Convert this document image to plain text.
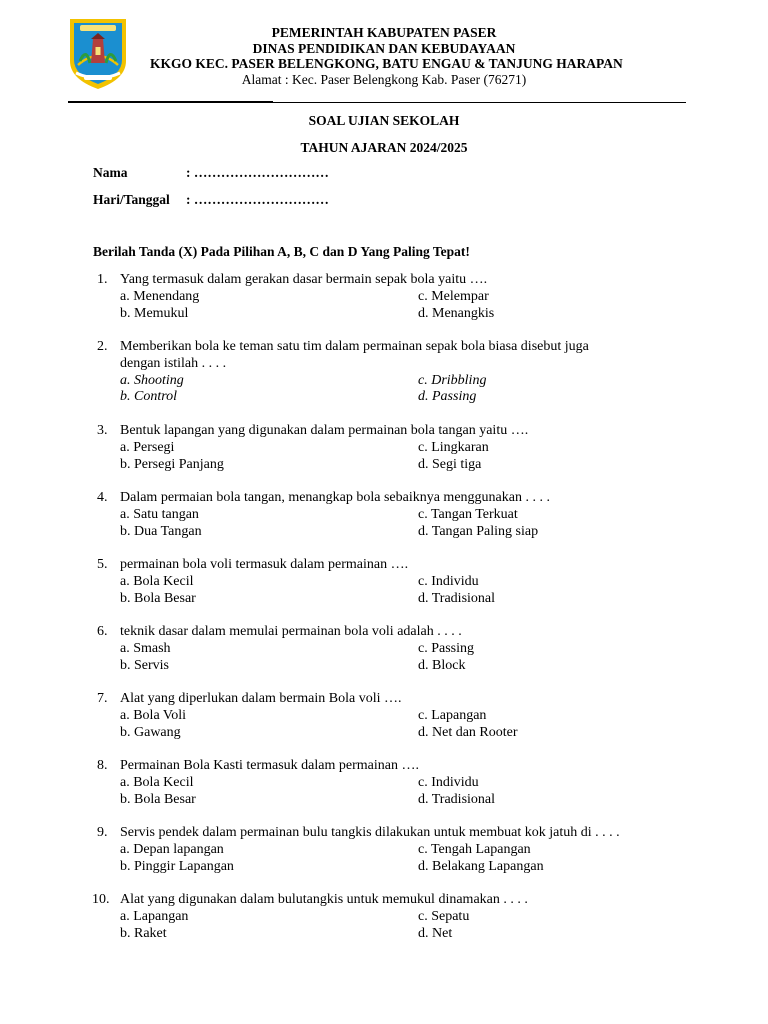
PEMERINTAH KABUPATEN PASER
DINAS PENDIDIKAN DAN KEBUDAYAAN
KKGO KEC. PASER BELENGKONG, BATU ENGAU & TANJUNG HARAPAN
Alamat : Kec. Paser Belengkong Kab. Paser (76271)
SOAL UJIAN SEKOLAH
TAHUN AJARAN 2024/2025
Nama	: …………………………
Hari/Tanggal : …………………………
Berilah Tanda (X) Pada Pilihan A, B, C dan D Yang Paling Tepat!
1. Yang termasuk dalam gerakan dasar bermain sepak bola yaitu ….
a. Menendang
b. Memukul
c. Melempar
d. Menangkis
2. Memberikan bola ke teman satu tim dalam permainan sepak bola biasa disebut juga
dengan istilah . . . .
a. Shooting
b. Control
c. Dribbling
d. Passing
3. Bentuk lapangan yang digunakan dalam permainan bola tangan yaitu ….
a. Persegi
b. Persegi Panjang
c. Lingkaran
d. Segi tiga
4. Dalam permaian bola tangan, menangkap bola sebaiknya menggunakan . . . .
a. Satu tangan
b. Dua Tangan
c. Tangan Terkuat
d. Tangan Paling siap
5. permainan bola voli termasuk dalam permainan ….
a. Bola Kecil
b. Bola Besar
c. Individu
d. Tradisional
6. teknik dasar dalam memulai permainan bola voli adalah . . . .
a. Smash
b. Servis
c. Passing
d. Block
7. Alat yang diperlukan dalam bermain Bola voli ….
a. Bola Voli
b. Gawang
c. Lapangan
d. Net dan Rooter
8. Permainan Bola Kasti termasuk dalam permainan ….
a. Bola Kecil
b. Bola Besar
c. Individu
d. Tradisional
9. Servis pendek dalam permainan bulu tangkis dilakukan untuk membuat kok jatuh di . . . .
a. Depan lapangan
b. Pinggir Lapangan
c. Tengah Lapangan
d. Belakang Lapangan
10. Alat yang digunakan dalam bulutangkis untuk memukul dinamakan . . . .
a. Lapangan
b. Raket
c. Sepatu
d. Net
